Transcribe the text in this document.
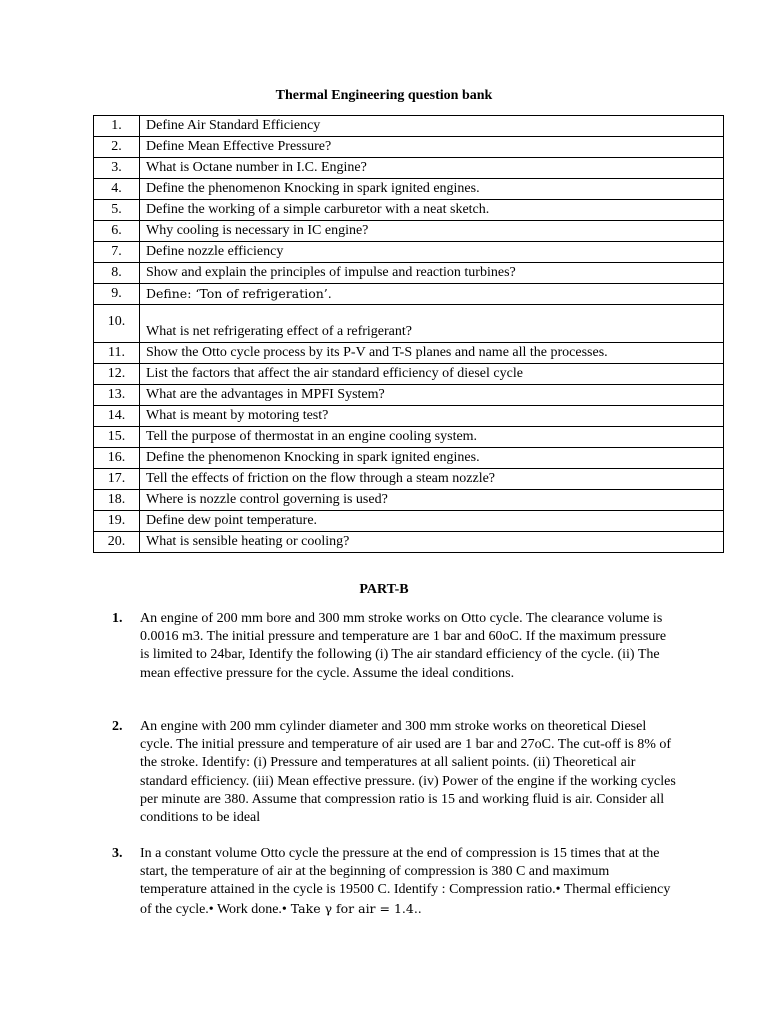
Thermal Engineering question bank
1.	Define Air Standard Efficiency
2.	Define Mean Effective Pressure?
3.	What is Octane number in I.C. Engine?
4.	Define the phenomenon Knocking in spark ignited engines.
5.	Define the working of a simple carburetor with a neat sketch.
6.	Why cooling is necessary in IC engine?
7.	Define nozzle efficiency
8.	Show and explain the principles of impulse and reaction turbines?
9.	Define: ‘Ton of refrigeration’.
10.	What is net refrigerating effect of a refrigerant?
11.	Show the Otto cycle process by its P-V and T-S planes and name all the processes.
12.	List the factors that affect the air standard efficiency of diesel cycle
13.	What are the advantages in MPFI System?
14.	What is meant by motoring test?
15.	Tell the purpose of thermostat in an engine cooling system.
16.	Define the phenomenon Knocking in spark ignited engines.
17.	Tell the effects of friction on the flow through a steam nozzle?
18.	Where is nozzle control governing is used?
19.	Define dew point temperature.
20.	What is sensible heating or cooling?
PART-B
1. An engine of 200 mm bore and 300 mm stroke works on Otto cycle. The clearance volume is 0.0016 m3. The initial pressure and temperature are 1 bar and 60oC. If the maximum pressure is limited to 24bar, Identify the following (i) The air standard efficiency of the cycle. (ii) The mean effective pressure for the cycle. Assume the ideal conditions.
2. An engine with 200 mm cylinder diameter and 300 mm stroke works on theoretical Diesel cycle. The initial pressure and temperature of air used are 1 bar and 27oC. The cut-off is 8% of the stroke. Identify: (i) Pressure and temperatures at all salient points. (ii) Theoretical air standard efficiency. (iii) Mean effective pressure. (iv) Power of the engine if the working cycles per minute are 380. Assume that compression ratio is 15 and working fluid is air. Consider all conditions to be ideal
3. In a constant volume Otto cycle the pressure at the end of compression is 15 times that at the start, the temperature of air at the beginning of compression is 380 C and maximum temperature attained in the cycle is 19500 C. Identify : Compression ratio.• Thermal efficiency of the cycle.• Work done.• Take γ for air = 1.4..
